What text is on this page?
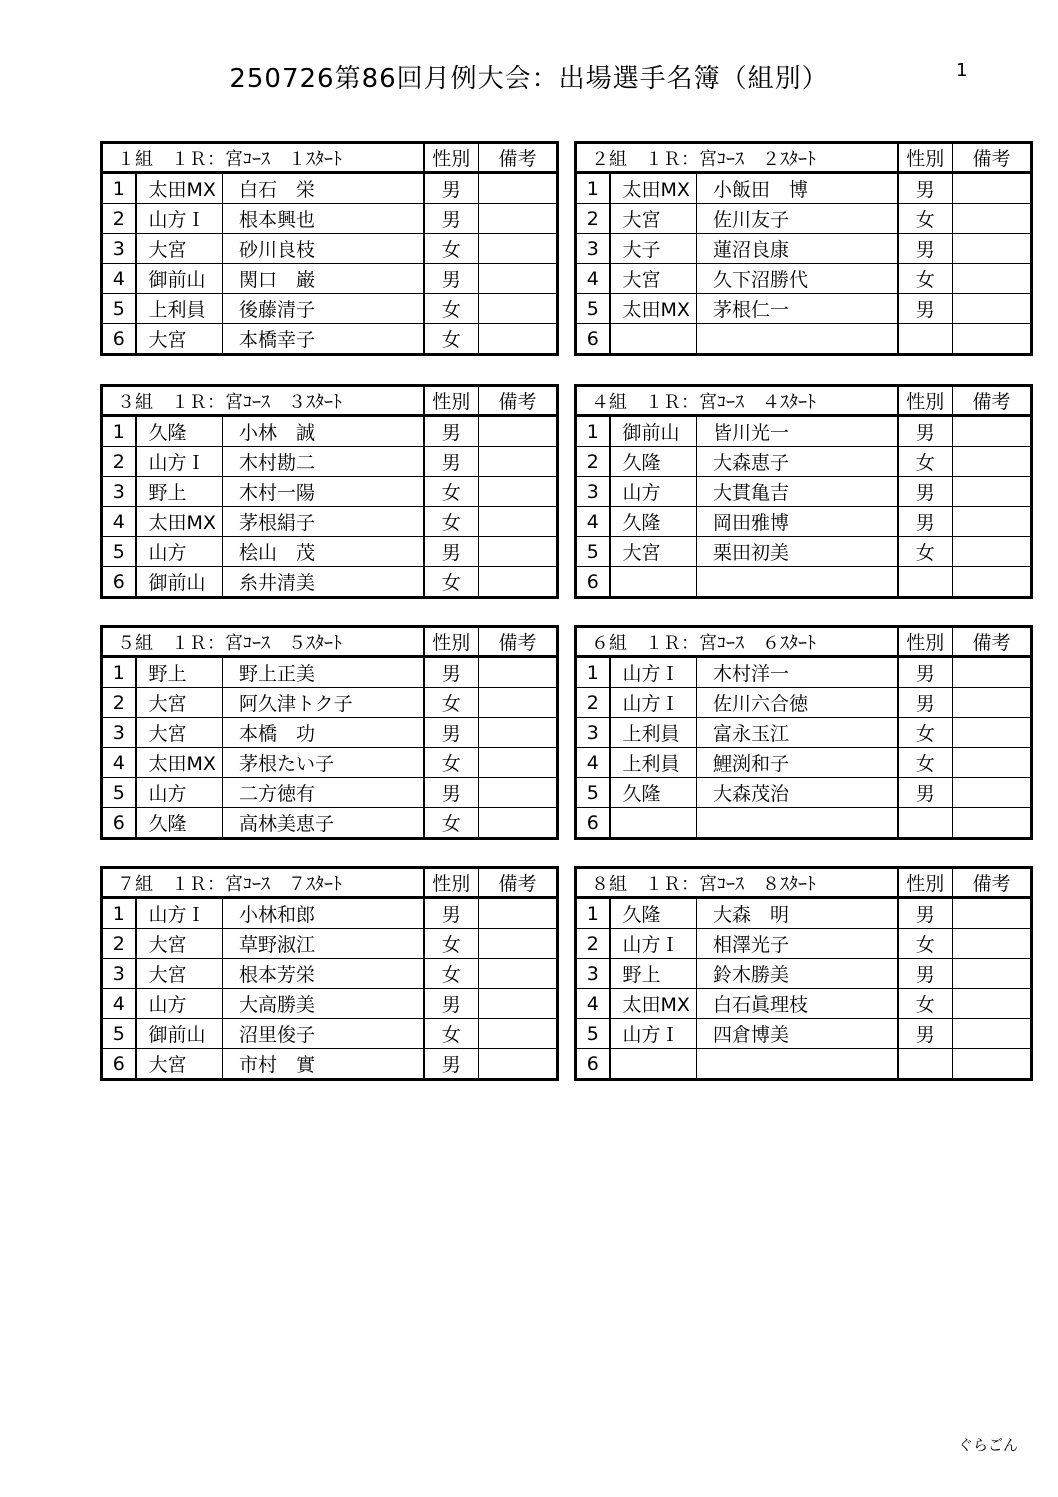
250726第86回月例大会：出場選手名簿（組別）	1
１組　１Ｒ：宮ｺｰｽ　１ｽﾀｰﾄ			性別	備考
1	太田MX	白石　栄	男	
2	山方Ｉ	根本興也	男	
3	大宮	砂川良枝	女	
4	御前山	関口　巌	男	
5	上利員	後藤清子	女	
6	大宮	本橋幸子	女	
２組　１Ｒ：宮ｺｰｽ　２ｽﾀｰﾄ			性別	備考
1	太田MX	小飯田　博	男	
2	大宮	佐川友子	女	
3	大子	蓮沼良康	男	
4	大宮	久下沼勝代	女	
5	太田MX	茅根仁一	男	
6				
３組　１Ｒ：宮ｺｰｽ　３ｽﾀｰﾄ			性別	備考
1	久隆	小林　誠	男	
2	山方Ｉ	木村勘二	男	
3	野上	木村一陽	女	
4	太田MX	茅根絹子	女	
5	山方	桧山　茂	男	
6	御前山	糸井清美	女	
４組　１Ｒ：宮ｺｰｽ　４ｽﾀｰﾄ			性別	備考
1	御前山	皆川光一	男	
2	久隆	大森恵子	女	
3	山方	大貫亀吉	男	
4	久隆	岡田雅博	男	
5	大宮	栗田初美	女	
6				
５組　１Ｒ：宮ｺｰｽ　５ｽﾀｰﾄ			性別	備考
1	野上	野上正美	男	
2	大宮	阿久津トク子	女	
3	大宮	本橋　功	男	
4	太田MX	茅根たい子	女	
5	山方	二方徳有	男	
6	久隆	高林美恵子	女	
６組　１Ｒ：宮ｺｰｽ　６ｽﾀｰﾄ			性別	備考
1	山方Ｉ	木村洋一	男	
2	山方Ｉ	佐川六合徳	男	
3	上利員	富永玉江	女	
4	上利員	鯉渕和子	女	
5	久隆	大森茂治	男	
6				
７組　１Ｒ：宮ｺｰｽ　７ｽﾀｰﾄ			性別	備考
1	山方Ｉ	小林和郎	男	
2	大宮	草野淑江	女	
3	大宮	根本芳栄	女	
4	山方	大高勝美	男	
5	御前山	沼里俊子	女	
6	大宮	市村　實	男	
８組　１Ｒ：宮ｺｰｽ　８ｽﾀｰﾄ			性別	備考
1	久隆	大森　明	男	
2	山方Ｉ	相澤光子	女	
3	野上	鈴木勝美	男	
4	太田MX	白石眞理枝	女	
5	山方Ｉ	四倉博美	男	
6				
ぐらごん
